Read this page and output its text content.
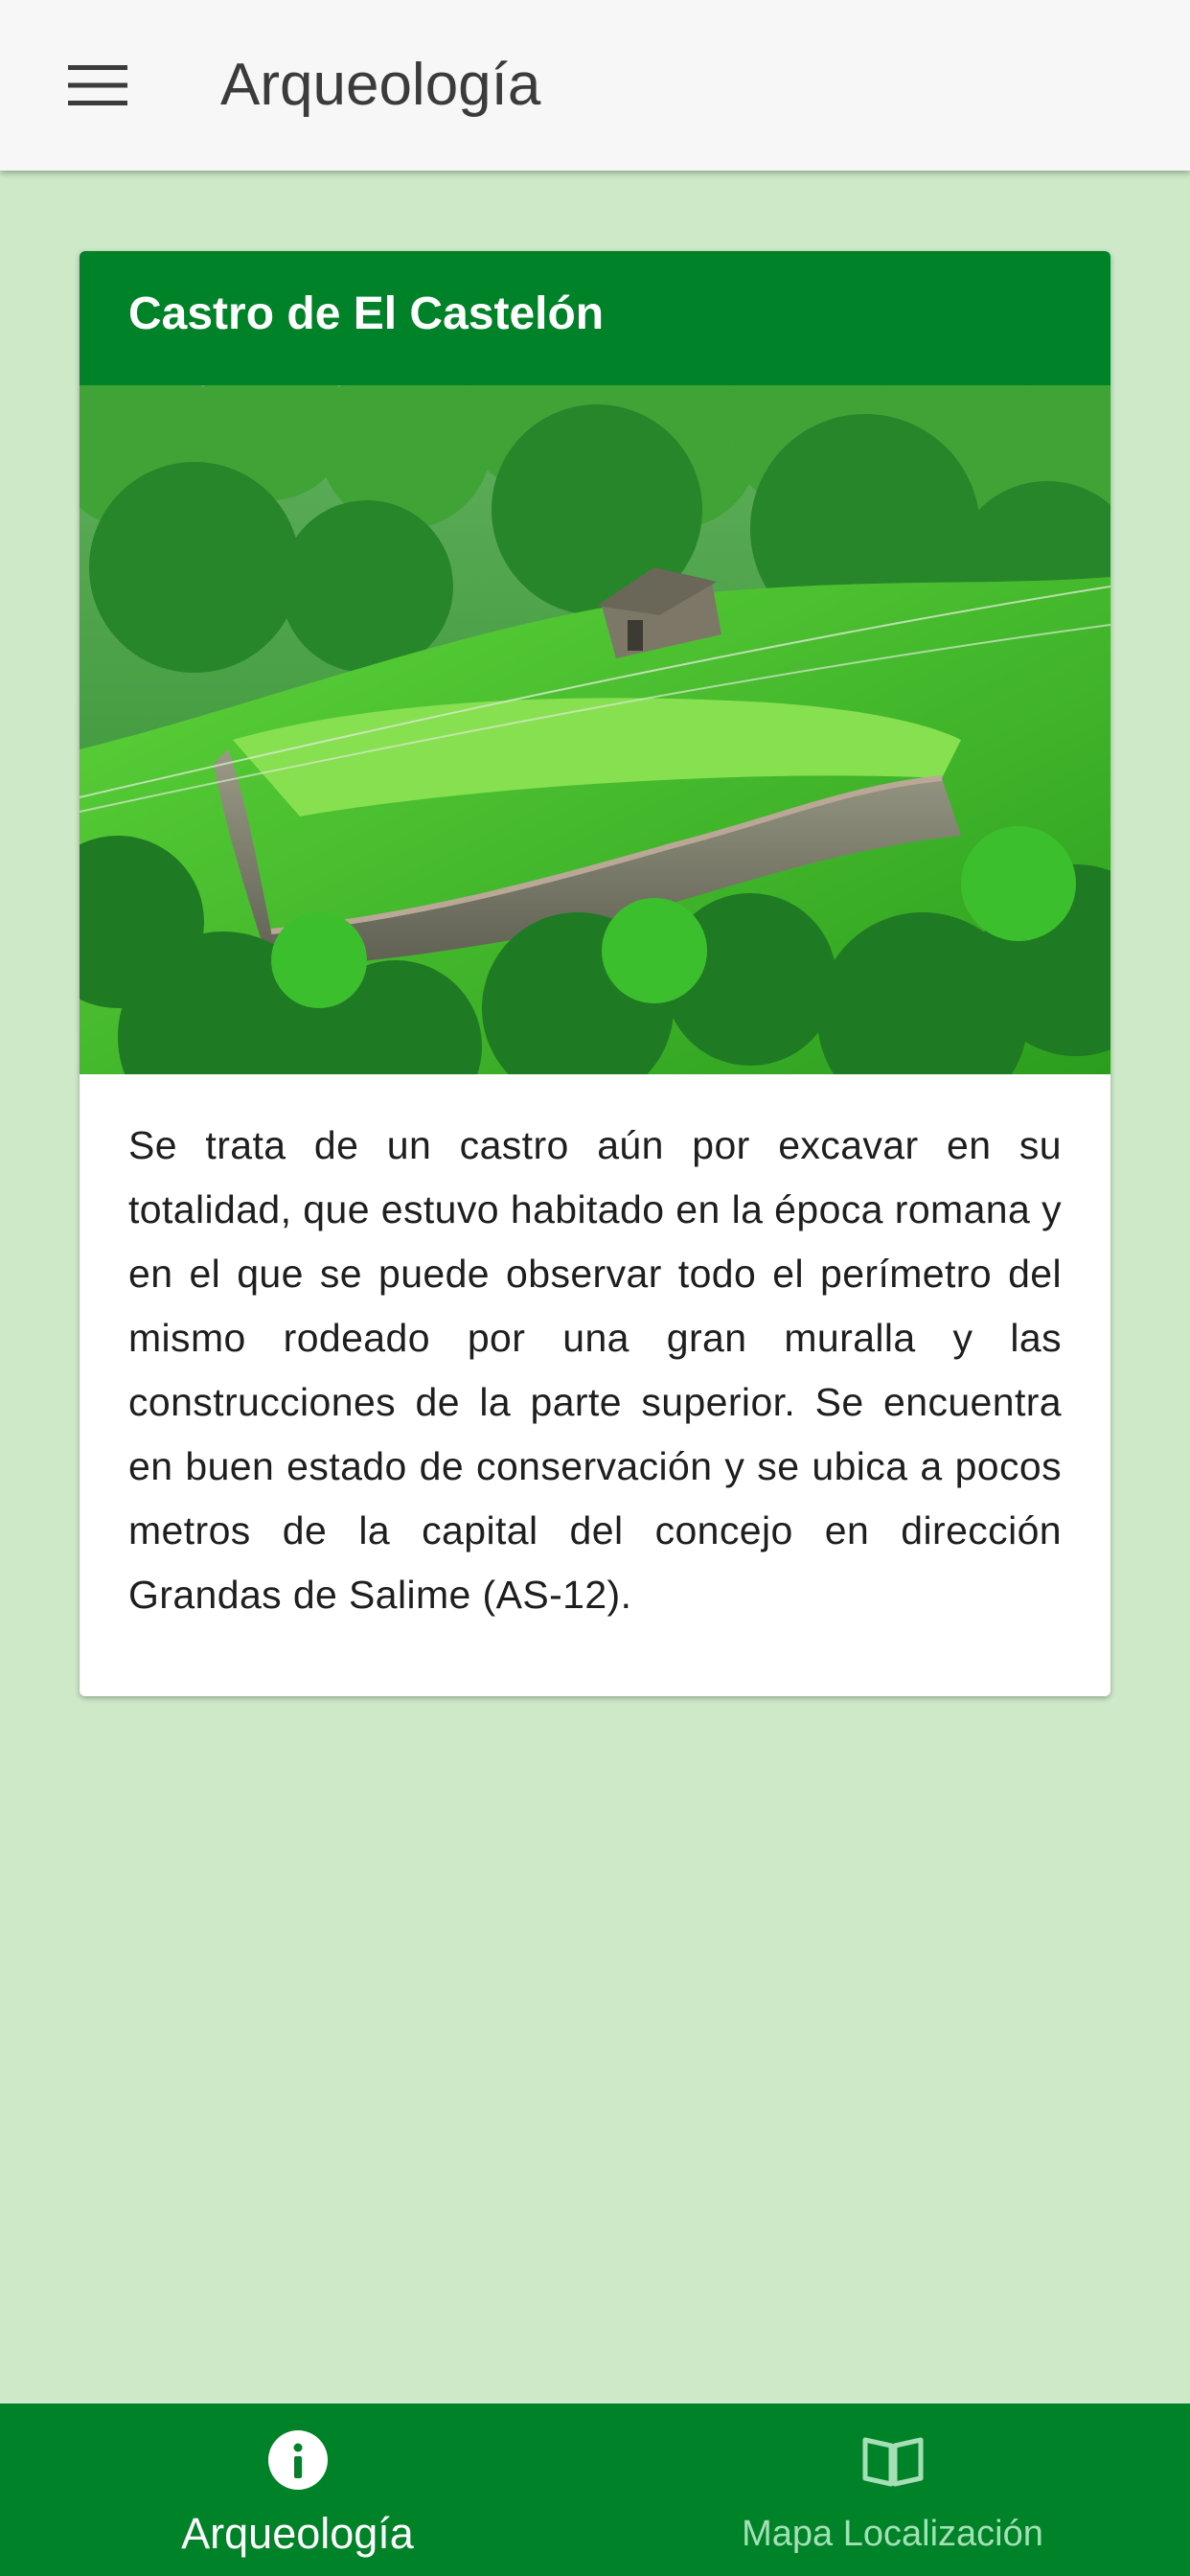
Arqueología
Castro de El Castelón
Se trata de un castro aún por excavar en su totalidad, que estuvo habitado en la época romana y en el que se puede observar todo el perímetro del mismo rodeado por una gran muralla y las construcciones de la parte superior. Se encuentra en buen estado de conservación y se ubica a pocos metros de la capital del concejo en dirección Grandas de Salime (AS-12).
Arqueología	Mapa Localización
